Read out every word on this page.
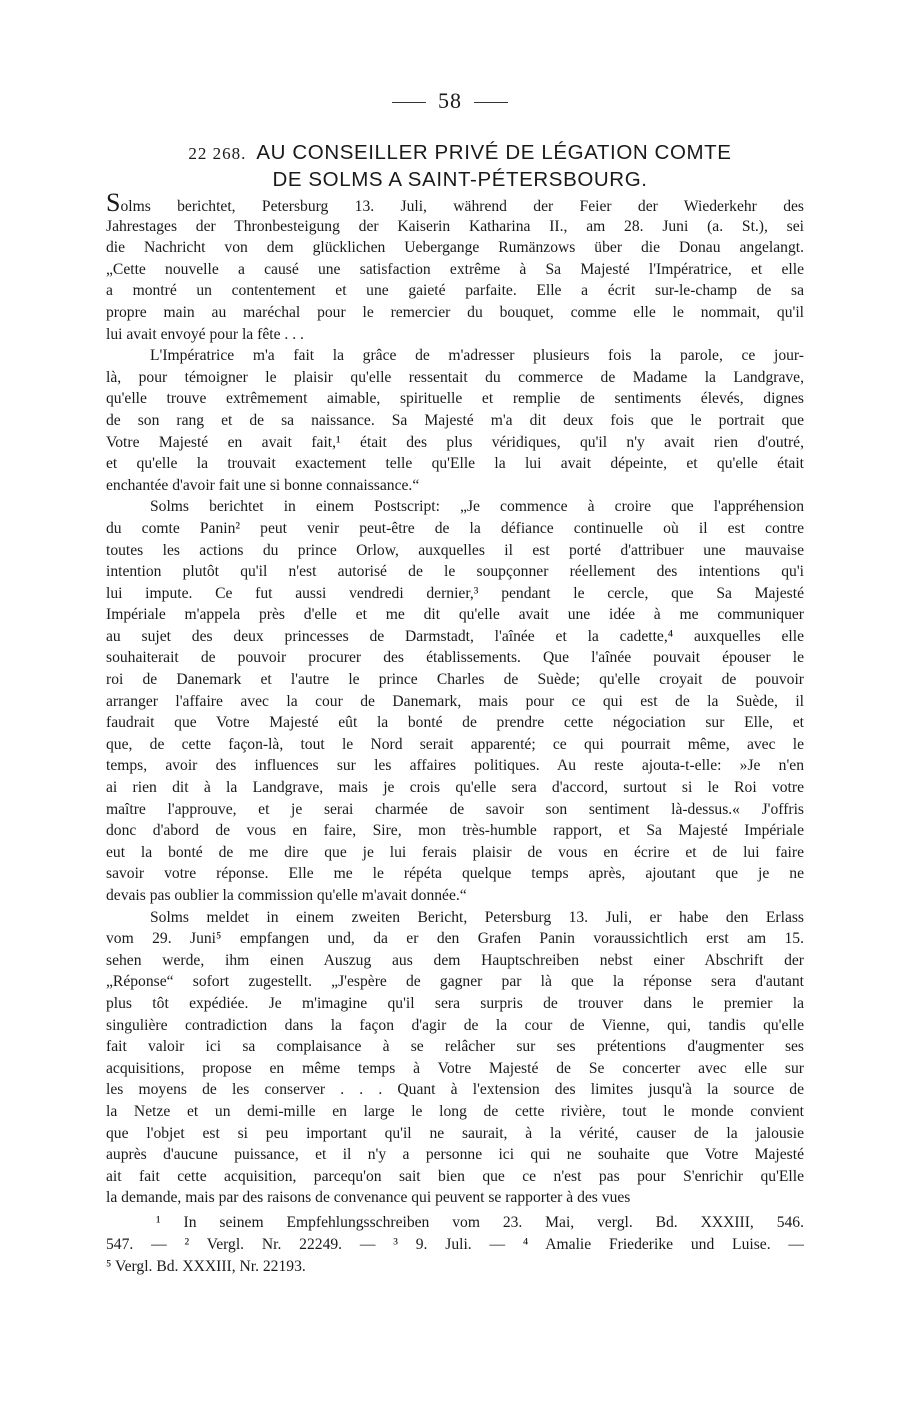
58
22 268. AU CONSEILLER PRIVÉ DE LÉGATION COMTE
DE SOLMS A SAINT-PÉTERSBOURG.
Solms berichtet, Petersburg 13. Juli, während der Feier der Wiederkehr des
Jahrestages der Thronbesteigung der Kaiserin Katharina II., am 28. Juni (a. St.), sei
die Nachricht von dem glücklichen Uebergange Rumänzows über die Donau angelangt.
„Cette nouvelle a causé une satisfaction extrême à Sa Majesté l'Impératrice, et elle
a montré un contentement et une gaieté parfaite. Elle a écrit sur-le-champ de sa
propre main au maréchal pour le remercier du bouquet, comme elle le nommait, qu'il
lui avait envoyé pour la fête . . .
L'Impératrice m'a fait la grâce de m'adresser plusieurs fois la parole, ce jour-
là, pour témoigner le plaisir qu'elle ressentait du commerce de Madame la Landgrave,
qu'elle trouve extrêmement aimable, spirituelle et remplie de sentiments élevés, dignes
de son rang et de sa naissance. Sa Majesté m'a dit deux fois que le portrait que
Votre Majesté en avait fait,¹ était des plus véridiques, qu'il n'y avait rien d'outré,
et qu'elle la trouvait exactement telle qu'Elle la lui avait dépeinte, et qu'elle était
enchantée d'avoir fait une si bonne connaissance.“
Solms berichtet in einem Postscript: „Je commence à croire que l'appréhension
du comte Panin² peut venir peut-être de la défiance continuelle où il est contre
toutes les actions du prince Orlow, auxquelles il est porté d'attribuer une mauvaise
intention plutôt qu'il n'est autorisé de le soupçonner réellement des intentions qu'i
lui impute. Ce fut aussi vendredi dernier,³ pendant le cercle, que Sa Majesté
Impériale m'appela près d'elle et me dit qu'elle avait une idée à me communiquer
au sujet des deux princesses de Darmstadt, l'aînée et la cadette,⁴ auxquelles elle
souhaiterait de pouvoir procurer des établissements. Que l'aînée pouvait épouser le
roi de Danemark et l'autre le prince Charles de Suède; qu'elle croyait de pouvoir
arranger l'affaire avec la cour de Danemark, mais pour ce qui est de la Suède, il
faudrait que Votre Majesté eût la bonté de prendre cette négociation sur Elle, et
que, de cette façon-là, tout le Nord serait apparenté; ce qui pourrait même, avec le
temps, avoir des influences sur les affaires politiques. Au reste ajouta-t-elle: »Je n'en
ai rien dit à la Landgrave, mais je crois qu'elle sera d'accord, surtout si le Roi votre
maître l'approuve, et je serai charmée de savoir son sentiment là-dessus.« J'offris
donc d'abord de vous en faire, Sire, mon très-humble rapport, et Sa Majesté Impériale
eut la bonté de me dire que je lui ferais plaisir de vous en écrire et de lui faire
savoir votre réponse. Elle me le répéta quelque temps après, ajoutant que je ne
devais pas oublier la commission qu'elle m'avait donnée.“
Solms meldet in einem zweiten Bericht, Petersburg 13. Juli, er habe den Erlass
vom 29. Juni⁵ empfangen und, da er den Grafen Panin voraussichtlich erst am 15.
sehen werde, ihm einen Auszug aus dem Hauptschreiben nebst einer Abschrift der
„Réponse“ sofort zugestellt. „J'espère de gagner par là que la réponse sera d'autant
plus tôt expédiée. Je m'imagine qu'il sera surpris de trouver dans le premier la
singulière contradiction dans la façon d'agir de la cour de Vienne, qui, tandis qu'elle
fait valoir ici sa complaisance à se relâcher sur ses prétentions d'augmenter ses
acquisitions, propose en même temps à Votre Majesté de Se concerter avec elle sur
les moyens de les conserver . . . Quant à l'extension des limites jusqu'à la source de
la Netze et un demi-mille en large le long de cette rivière, tout le monde convient
que l'objet est si peu important qu'il ne saurait, à la vérité, causer de la jalousie
auprès d'aucune puissance, et il n'y a personne ici qui ne souhaite que Votre Majesté
ait fait cette acquisition, parcequ'on sait bien que ce n'est pas pour S'enrichir qu'Elle
la demande, mais par des raisons de convenance qui peuvent se rapporter à des vues
¹ In seinem Empfehlungsschreiben vom 23. Mai, vergl. Bd. XXXIII, 546.
547. — ² Vergl. Nr. 22249. — ³ 9. Juli. — ⁴ Amalie Friederike und Luise. —
⁵ Vergl. Bd. XXXIII, Nr. 22193.
